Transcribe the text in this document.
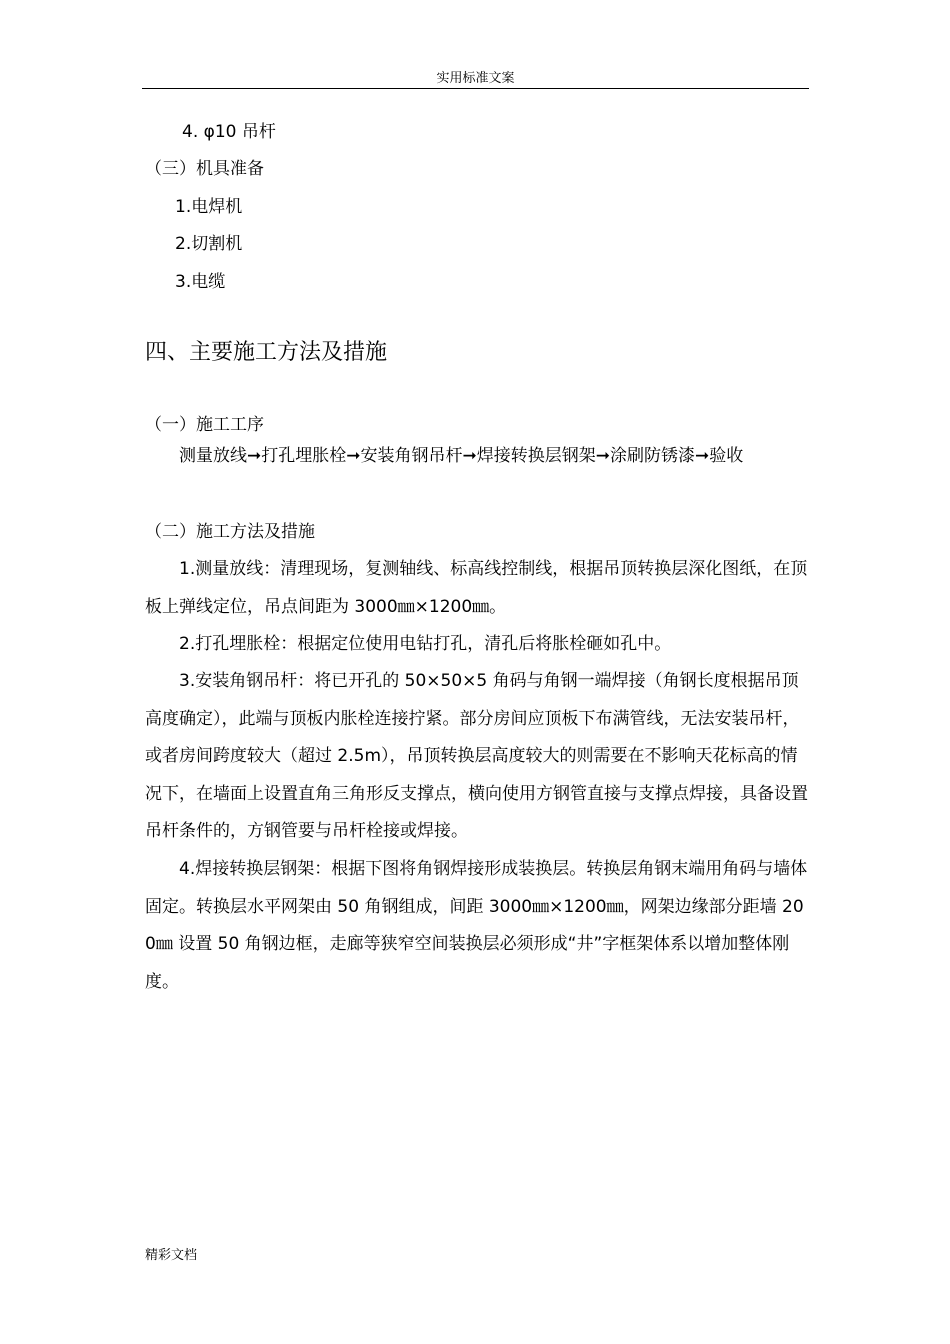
实用标准文案
4. φ10 吊杆
（三）机具准备
1.电焊机
2.切割机
3.电缆
四、主要施工方法及措施
（一）施工工序
测量放线➞打孔埋胀栓➞安装角钢吊杆➞焊接转换层钢架➞涂刷防锈漆➞验收
（二）施工方法及措施
1.测量放线：清理现场，复测轴线、标高线控制线，根据吊顶转换层深化图纸，在顶板上弹线定位，吊点间距为 3000㎜×1200㎜。
2.打孔埋胀栓：根据定位使用电钻打孔，清孔后将胀栓砸如孔中。
3.安装角钢吊杆：将已开孔的 50×50×5 角码与角钢一端焊接（角钢长度根据吊顶高度确定），此端与顶板内胀栓连接拧紧。部分房间应顶板下布满管线，无法安装吊杆，或者房间跨度较大（超过 2.5m），吊顶转换层高度较大的则需要在不影响天花标高的情况下，在墙面上设置直角三角形反支撑点，横向使用方钢管直接与支撑点焊接，具备设置吊杆条件的，方钢管要与吊杆栓接或焊接。
4.焊接转换层钢架：根据下图将角钢焊接形成装换层。转换层角钢末端用角码与墙体固定。转换层水平网架由 50 角钢组成，间距 3000㎜×1200㎜，网架边缘部分距墙 200㎜ 设置 50 角钢边框，走廊等狭窄空间装换层必须形成“井”字框架体系以增加整体刚度。
精彩文档
